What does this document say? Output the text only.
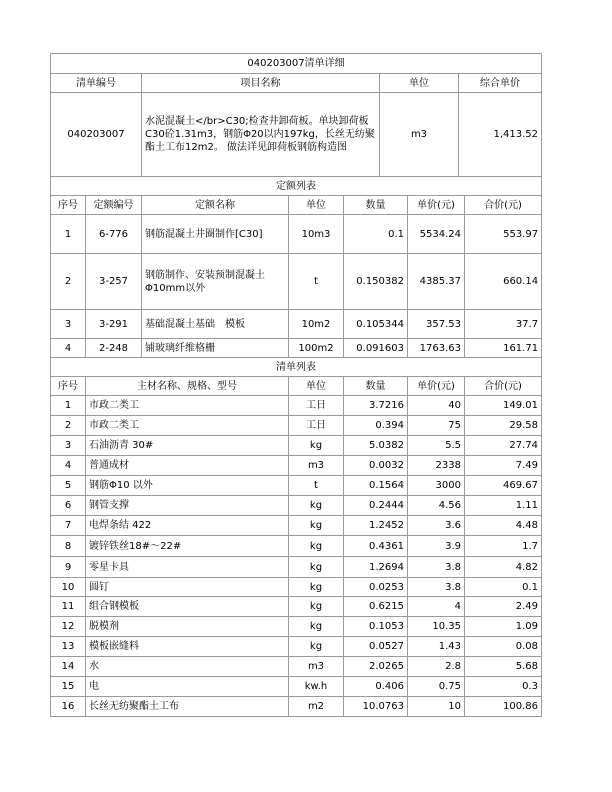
040203007清单详细			
清单编号	项目名称	单位	综合单价
040203007	水泥混凝土</br>C30;检查井卸荷板。单块卸荷板C30砼1.31m3，钢筋Φ20以内197kg，长丝无纺聚酯土工布12m2。 做法详见卸荷板钢筋构造图	m3	1,413.52
定额列表						
序号	定额编号	定额名称	单位	数量	单价(元)	合价(元)
1	6-776	钢筋混凝土井圈制作[C30]	10m3	0.1	5534.24	553.97
2	3-257	钢筋制作、安装预制混凝土Φ10mm以外	t	0.150382	4385.37	660.14
3	3-291	基础混凝土基础　模板	10m2	0.105344	357.53	37.7
4	2-248	铺玻璃纤维格栅	100m2	0.091603	1763.63	161.71
清单列表					
序号	主材名称、规格、型号	单位	数量	单价(元)	合价(元)
1	市政二类工	工日	3.7216	40	149.01
2	市政二类工	工日	0.394	75	29.58
3	石油沥青 30#	kg	5.0382	5.5	27.74
4	普通成材	m3	0.0032	2338	7.49
5	钢筋Φ10 以外	t	0.1564	3000	469.67
6	钢管支撑	kg	0.2444	4.56	1.11
7	电焊条结 422	kg	1.2452	3.6	4.48
8	镀锌铁丝18#～22#	kg	0.4361	3.9	1.7
9	零星卡具	kg	1.2694	3.8	4.82
10	圆钉	kg	0.0253	3.8	0.1
11	组合钢模板	kg	0.6215	4	2.49
12	脱模剂	kg	0.1053	10.35	1.09
13	模板嵌缝料	kg	0.0527	1.43	0.08
14	水	m3	2.0265	2.8	5.68
15	电	kw.h	0.406	0.75	0.3
16	长丝无纺聚酯土工布	m2	10.0763	10	100.86
